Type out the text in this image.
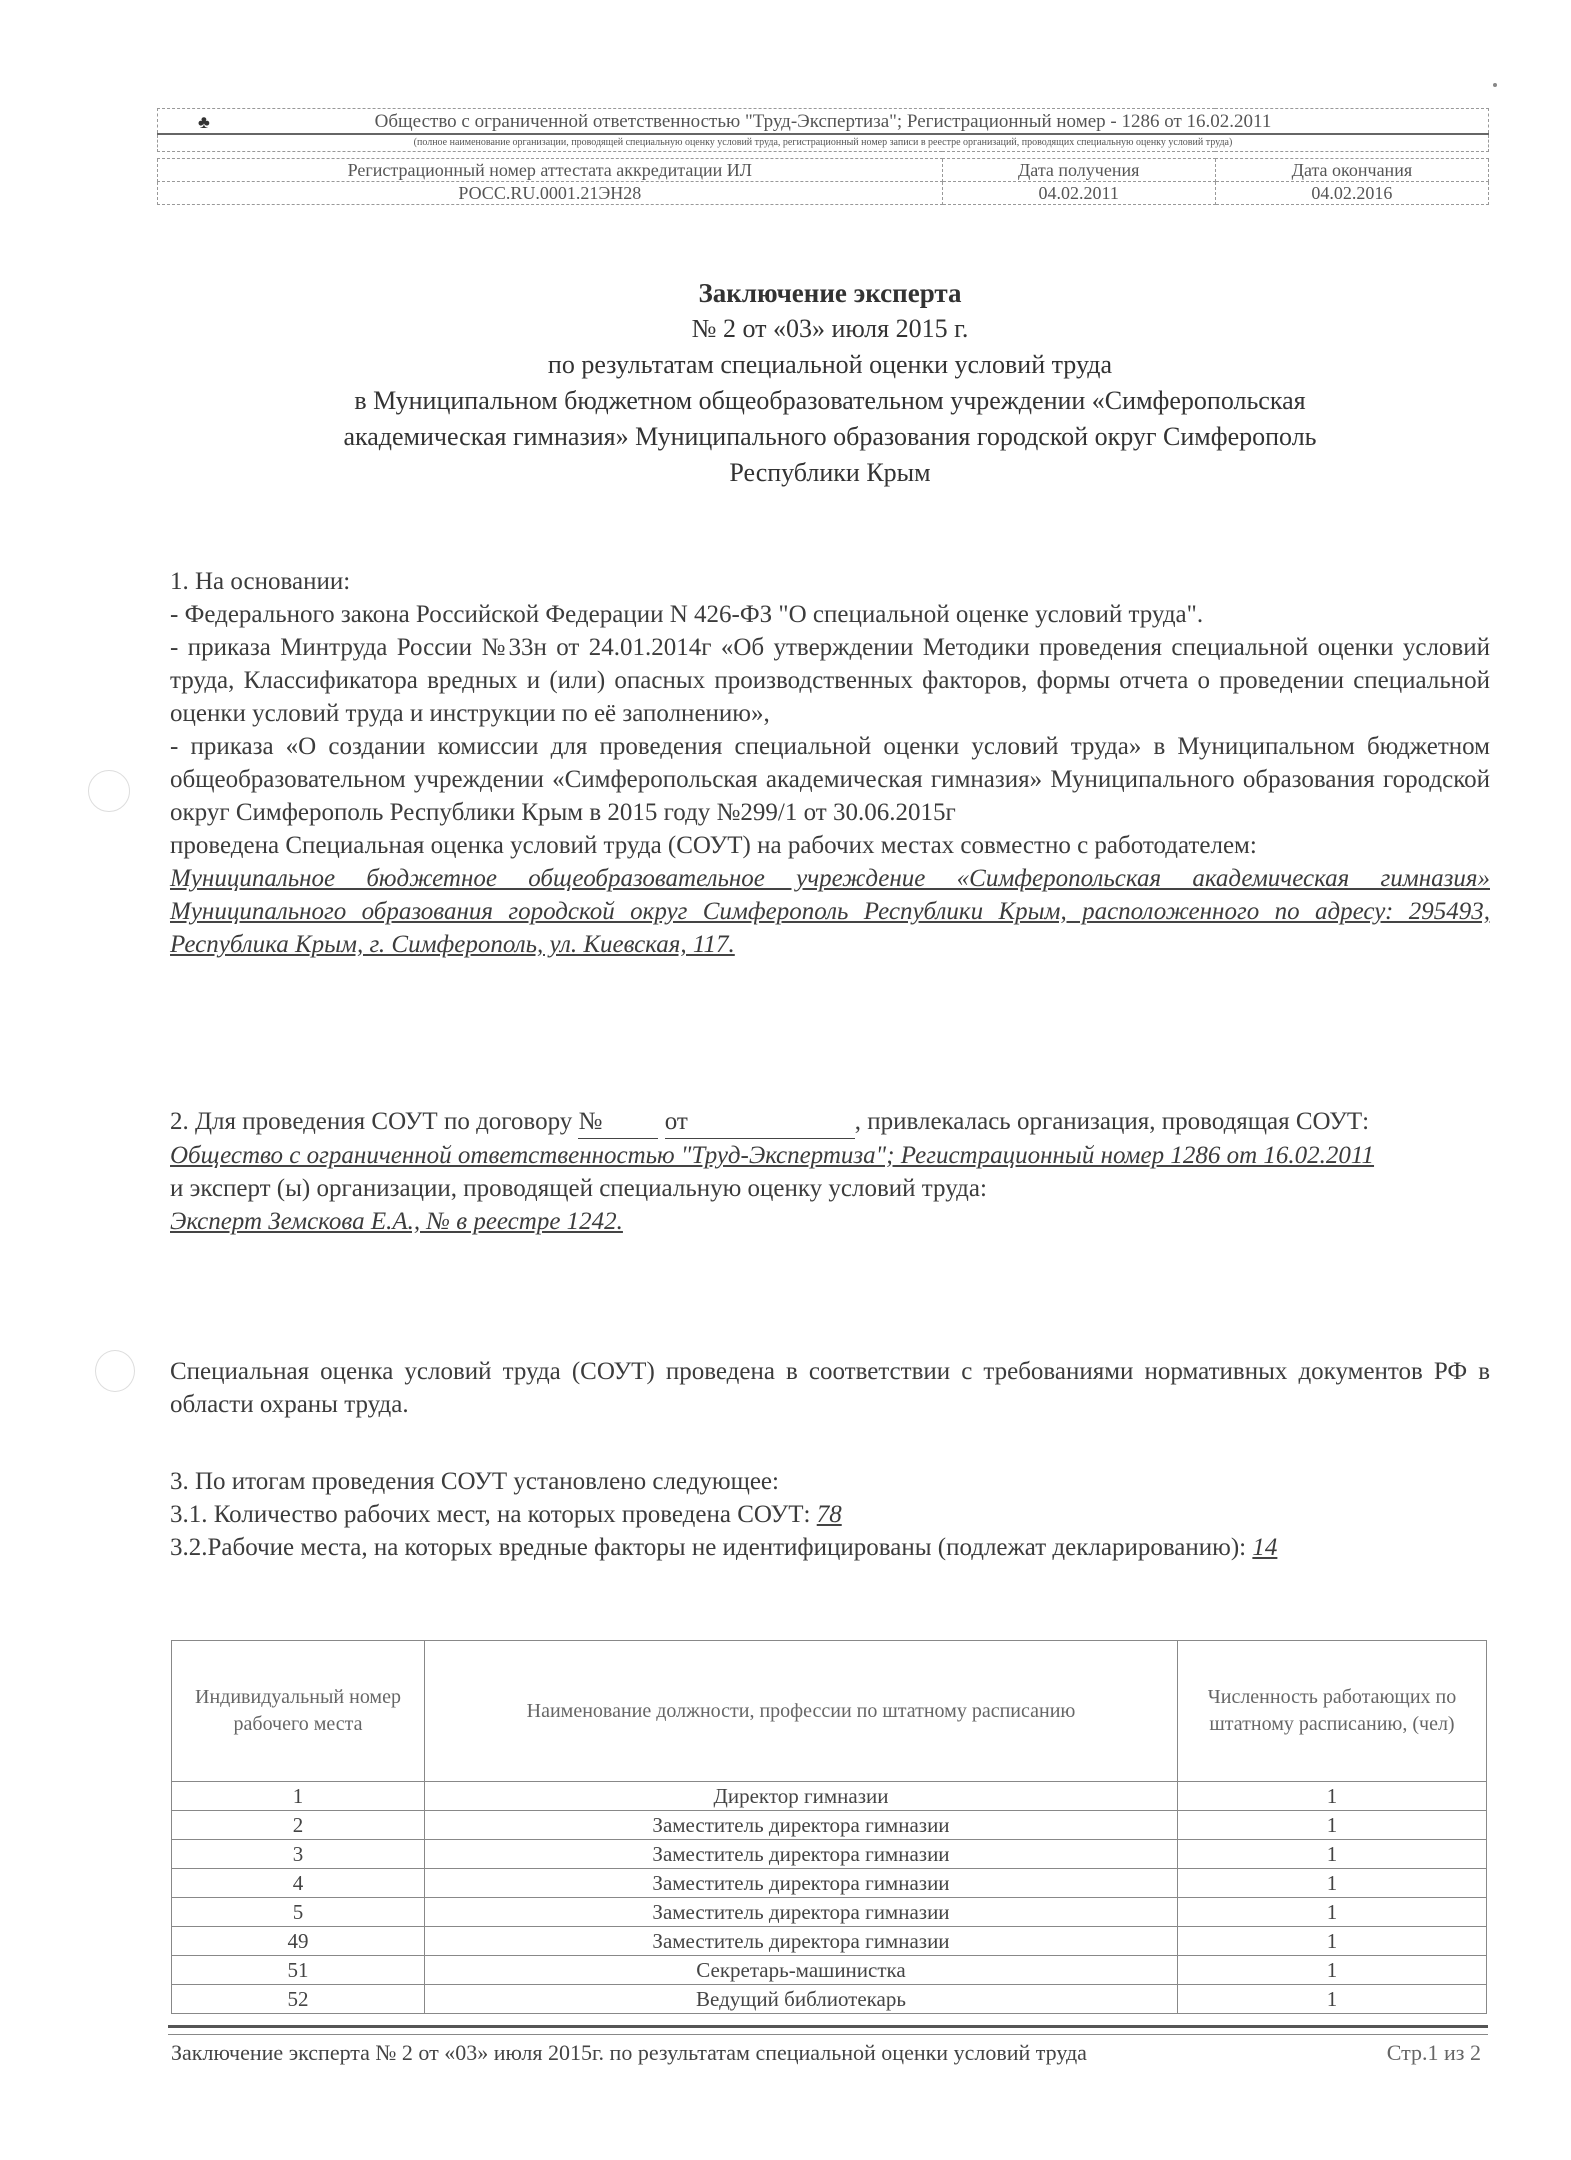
♣ Общество с ограниченной ответственностью "Труд-Экспертиза"; Регистрационный номер - 1286 от 16.02.2011		
(полное наименование организации, проводящей специальную оценку условий труда, регистрационный номер записи в реестре организаций, проводящих специальную оценку условий труда)		

Регистрационный номер аттестата аккредитации ИЛ	Дата получения	Дата окончания
РОСС.RU.0001.21ЭН28	04.02.2011	04.02.2016
Заключение эксперта
№ 2 от «03» июля 2015 г.
по результатам специальной оценки условий труда
в Муниципальном бюджетном общеобразовательном учреждении «Симферопольская
академическая гимназия» Муниципального образования городской округ Симферополь
Республики Крым

1. На основании:

- Федерального закона Российской Федерации N 426-ФЗ "О специальной оценке условий труда".

- приказа Минтруда России №33н от 24.01.2014г «Об утверждении Методики проведения специальной оценки условий труда, Классификатора вредных и (или) опасных производственных факторов, формы отчета о проведении специальной оценки условий труда и инструкции по её заполнению»,

- приказа «О создании комиссии для проведения специальной оценки условий труда» в Муниципальном бюджетном общеобразовательном учреждении «Симферопольская академическая гимназия» Муниципального образования городской округ Симферополь Республики Крым в 2015 году №299/1 от 30.06.2015г

проведена Специальная оценка условий труда (СОУТ) на рабочих местах совместно с работодателем:

Муниципальное бюджетное общеобразовательное учреждение «Симферопольская академическая гимназия» Муниципального образования городской округ Симферополь Республики Крым, расположенного по адресу: 295493, Республика Крым, г. Симферополь, ул. Киевская, 117.

2. Для проведения СОУТ по договору № от	, привлекалась организация, проводящая СОУТ:

Общество с ограниченной ответственностью "Труд-Экспертиза"; Регистрационный номер 1286 от 16.02.2011

и эксперт (ы) организации, проводящей специальную оценку условий труда:

Эксперт Земскова Е.А., № в реестре 1242.

Специальная оценка условий труда (СОУТ) проведена в соответствии с требованиями нормативных документов РФ в области охраны труда.

3. По итогам проведения СОУТ установлено следующее:

3.1. Количество рабочих мест, на которых проведена СОУТ: 78

3.2.Рабочие места, на которых вредные факторы не идентифицированы (подлежат декларированию): 14

Индивидуальный номер рабочего места	Наименование должности, профессии по штатному расписанию	Численность работающих по штатному расписанию, (чел)
1	Директор гимназии	1
2	Заместитель директора гимназии	1
3	Заместитель директора гимназии	1
4	Заместитель директора гимназии	1
5	Заместитель директора гимназии	1
49	Заместитель директора гимназии	1
51	Секретарь-машинистка	1
52	Ведущий библиотекарь	1
Заключение эксперта № 2 от «03» июля 2015г. по результатам специальной оценки условий труда	Стр.1 из 2
